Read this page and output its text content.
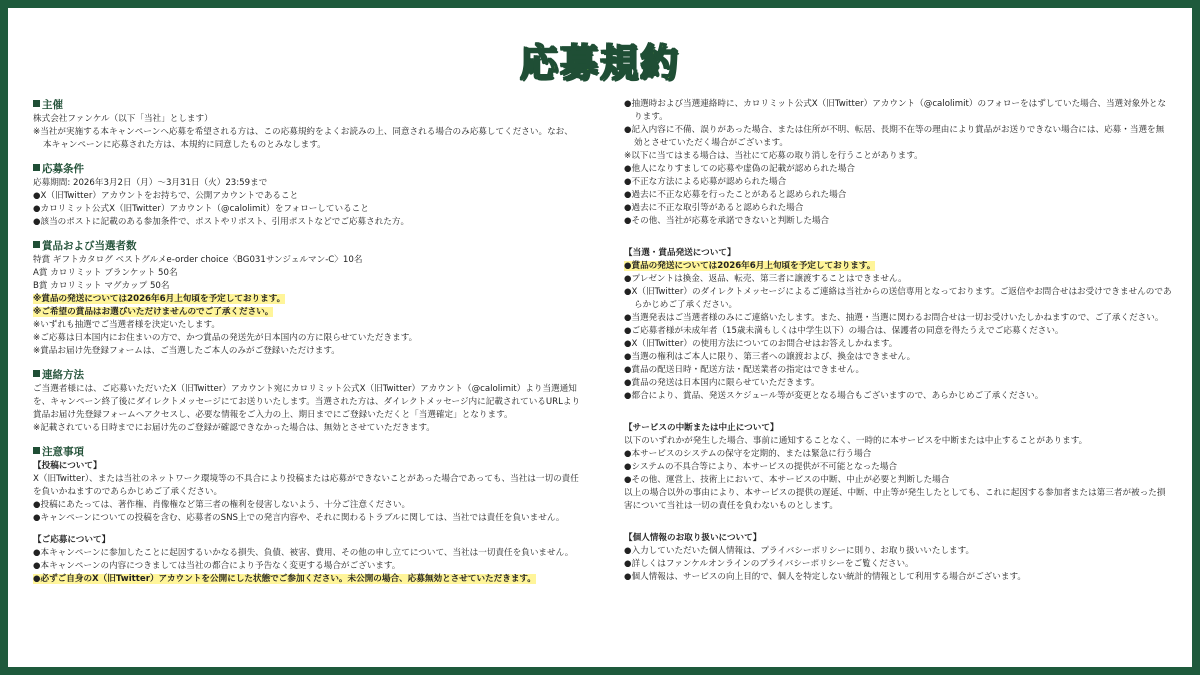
応募規約
主催
株式会社ファンケル（以下「当社」とします）
※当社が実施する本キャンペーンへ応募を希望される方は、この応募規約をよくお読みの上、同意される場合のみ応募してください。なお、本キャンペーンに応募された方は、本規約に同意したものとみなします。
応募条件
応募期間: 2026年3月2日（月）～3月31日（火）23:59まで
●X（旧Twitter）アカウントをお持ちで、公開アカウントであること
●カロリミット公式X（旧Twitter）アカウント（@calolimit）をフォローしていること
●該当のポストに記載のある参加条件で、ポストやリポスト、引用ポストなどでご応募された方。
賞品および当選者数
特賞 ギフトカタログ ベストグルメe-order choice〈BG031サンジェルマン-C〉10名
A賞 カロリミット ブランケット 50名
B賞 カロリミット マグカップ 50名
※賞品の発送については2026年6月上旬頃を予定しております。
※ご希望の賞品はお選びいただけませんのでご了承ください。
※いずれも抽選でご当選者様を決定いたします。
※ご応募は日本国内にお住まいの方で、かつ賞品の発送先が日本国内の方に限らせていただきます。
※賞品お届け先登録フォームは、ご当選したご本人のみがご登録いただけます。
連絡方法
ご当選者様には、ご応募いただいたX（旧Twitter）アカウント宛にカロリミット公式X（旧Twitter）アカウント（@calolimit）より当選通知を、キャンペーン終了後にダイレクトメッセージにてお送りいたします。当選された方は、ダイレクトメッセージ内に記載されているURLより賞品お届け先登録フォームへアクセスし、必要な情報をご入力の上、期日までにご登録いただくと「当選確定」となります。
※記載されている日時までにお届け先のご登録が確認できなかった場合は、無効とさせていただきます。
注意事項
【投稿について】
X（旧Twitter）、または当社のネットワーク環境等の不具合により投稿または応募ができないことがあった場合であっても、当社は一切の責任を負いかねますのであらかじめご了承ください。
●投稿にあたっては、著作権、肖像権など第三者の権利を侵害しないよう、十分ご注意ください。
●キャンペーンについての投稿を含む、応募者のSNS上での発言内容や、それに関わるトラブルに関しては、当社では責任を負いません。
【ご応募について】
●本キャンペーンに参加したことに起因するいかなる損失、負債、被害、費用、その他の申し立てについて、当社は一切責任を負いません。
●本キャンペーンの内容につきましては当社の都合により予告なく変更する場合がございます。
●必ずご自身のX（旧Twitter）アカウントを公開にした状態でご参加ください。未公開の場合、応募無効とさせていただきます。
●抽選時および当選連絡時に、カロリミット公式X（旧Twitter）アカウント（@calolimit）のフォローをはずしていた場合、当選対象外となります。
●記入内容に不備、誤りがあった場合、または住所が不明、転居、長期不在等の理由により賞品がお送りできない場合には、応募・当選を無効とさせていただく場合がございます。
※以下に当てはまる場合は、当社にて応募の取り消しを行うことがあります。
●他人になりすましての応募や虚偽の記載が認められた場合
●不正な方法による応募が認められた場合
●過去に不正な応募を行ったことがあると認められた場合
●過去に不正な取引等があると認められた場合
●その他、当社が応募を承諾できないと判断した場合
【当選・賞品発送について】
●賞品の発送については2026年6月上旬頃を予定しております。
●プレゼントは換金、返品、転売、第三者に譲渡することはできません。
●X（旧Twitter）のダイレクトメッセージによるご連絡は当社からの送信専用となっております。ご返信やお問合せはお受けできませんのであらかじめご了承ください。
●当選発表はご当選者様のみにご連絡いたします。また、抽選・当選に関わるお問合せは一切お受けいたしかねますので、ご了承ください。
●ご応募者様が未成年者（15歳未満もしくは中学生以下）の場合は、保護者の同意を得たうえでご応募ください。
●X（旧Twitter）の使用方法についてのお問合せはお答えしかねます。
●当選の権利はご本人に限り、第三者への譲渡および、換金はできません。
●賞品の配送日時・配送方法・配送業者の指定はできません。
●賞品の発送は日本国内に限らせていただきます。
●都合により、賞品、発送スケジュール等が変更となる場合もございますので、あらかじめご了承ください。
【サービスの中断または中止について】
以下のいずれかが発生した場合、事前に通知することなく、一時的に本サービスを中断または中止することがあります。
●本サービスのシステムの保守を定期的、または緊急に行う場合
●システムの不具合等により、本サービスの提供が不可能となった場合
●その他、運営上、技術上において、本サービスの中断、中止が必要と判断した場合
以上の場合以外の事由により、本サービスの提供の遅延、中断、中止等が発生したとしても、これに起因する参加者または第三者が被った損害について当社は一切の責任を負わないものとします。
【個人情報のお取り扱いについて】
●入力していただいた個人情報は、プライバシーポリシーに則り、お取り扱いいたします。
●詳しくはファンケルオンラインのプライバシーポリシーをご覧ください。
●個人情報は、サービスの向上目的で、個人を特定しない統計的情報として利用する場合がございます。
